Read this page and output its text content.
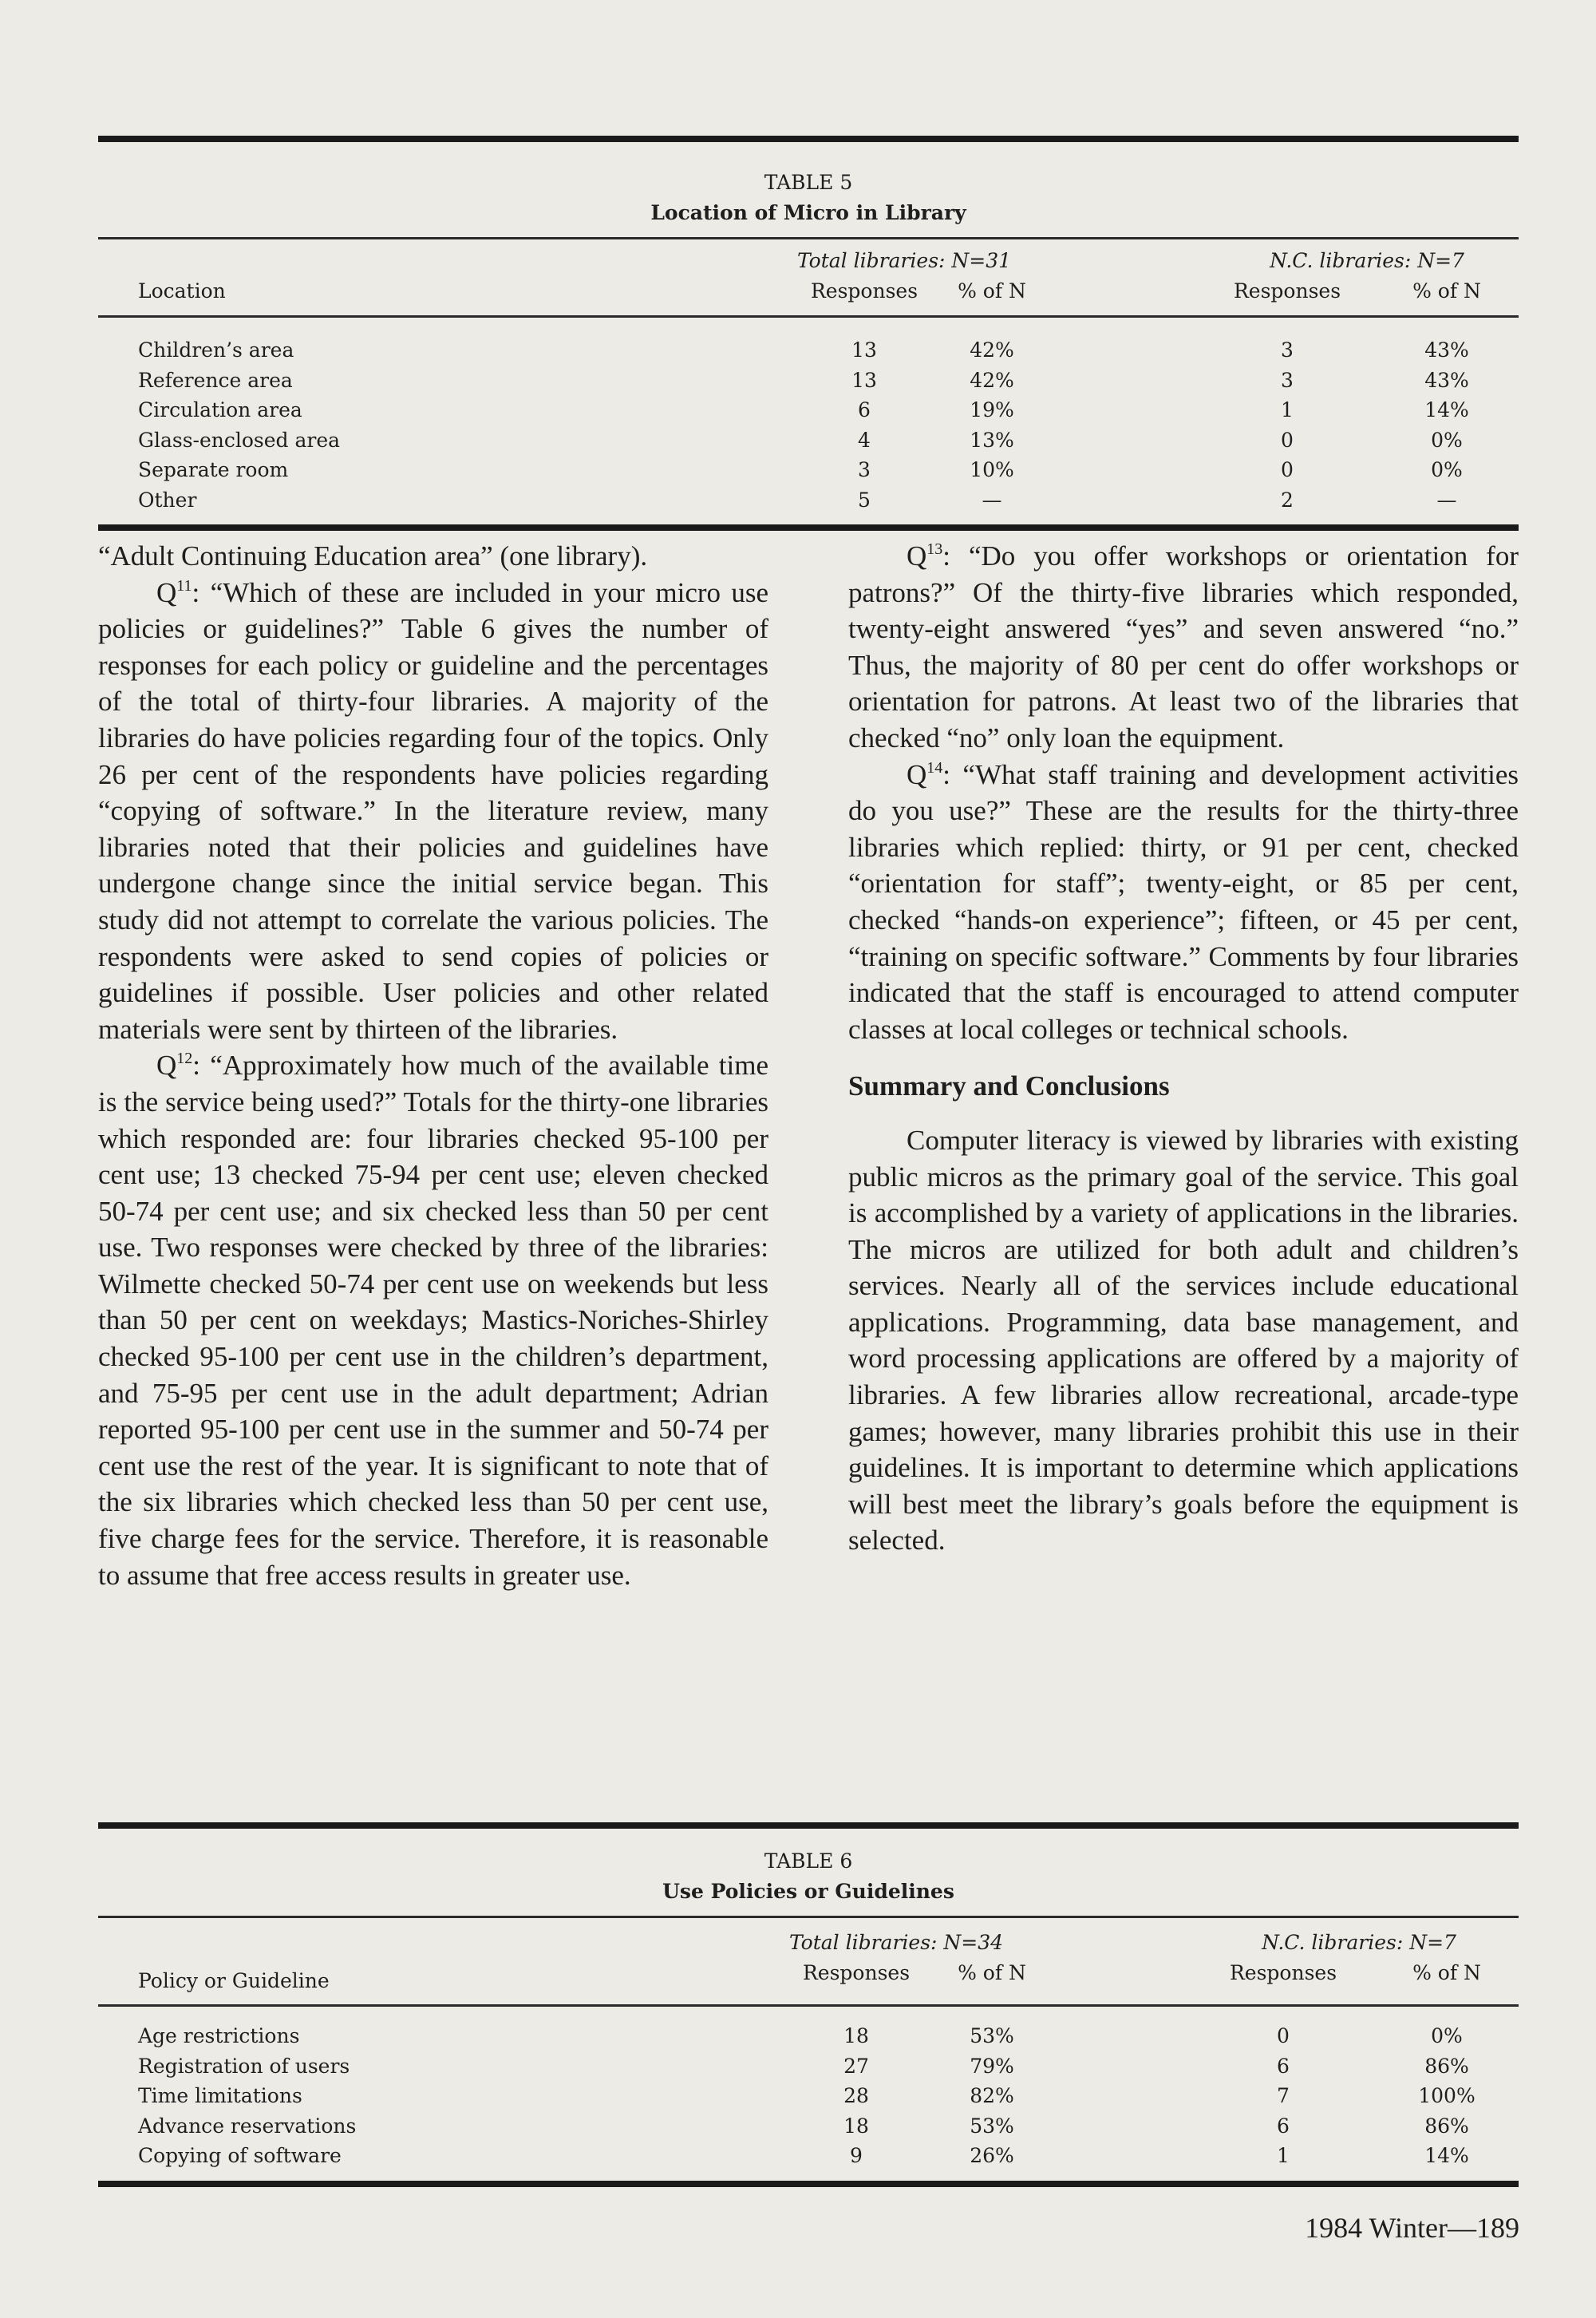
TABLE 5
Location of Micro in Library
Location
Total libraries: N=31	N.C. libraries: N=7
Responses	% of N	Responses	% of N
Children’s area	13	42%	3	43%
Reference area	13	42%	3	43%
Circulation area	6	19%	1	14%
Glass-enclosed area	4	13%	0	0%
Separate room	3	10%	0	0%
Other	5	—	2	—

“Adult Continuing Education area” (one library).

$Q^{11}$: “Which of these are included in your micro use policies or guidelines?” Table 6 gives the number of responses for each policy or guideline and the percentages of the total of thirty-four libraries. A majority of the libraries do have policies regarding four of the topics. Only 26 per cent of the respondents have policies regarding “copying of software.” In the literature review, many libraries noted that their policies and guidelines have undergone change since the initial service began. This study did not attempt to correlate the various policies. The respondents were asked to send copies of policies or guidelines if possible. User policies and other related materials were sent by thirteen of the libraries.

$Q^{12}$: “Approximately how much of the available time is the service being used?” Totals for the thirty-one libraries which responded are: four libraries checked 95-100 per cent use; 13 checked 75-94 per cent use; eleven checked 50-74 per cent use; and six checked less than 50 per cent use. Two responses were checked by three of the libraries: Wilmette checked 50-74 per cent use on weekends but less than 50 per cent on weekdays; Mastics-Noriches-Shirley checked 95-100 per cent use in the children’s department, and 75-95 per cent use in the adult department; Adrian reported 95-100 per cent use in the summer and 50-74 per cent use the rest of the year. It is significant to note that of the six libraries which checked less than 50 per cent use, five charge fees for the service. Therefore, it is reasonable to assume that free access results in greater use.

$Q^{13}$: “Do you offer workshops or orientation for patrons?” Of the thirty-five libraries which responded, twenty-eight answered “yes” and seven answered “no.” Thus, the majority of 80 per cent do offer workshops or orientation for patrons. At least two of the libraries that checked “no” only loan the equipment.

$Q^{14}$: “What staff training and development activities do you use?” These are the results for the thirty-three libraries which replied: thirty, or 91 per cent, checked “orientation for staff”; twenty-eight, or 85 per cent, checked “hands-on experience”; fifteen, or 45 per cent, “training on specific software.” Comments by four libraries indicated that the staff is encouraged to attend computer classes at local colleges or technical schools.

Summary and Conclusions

Computer literacy is viewed by libraries with existing public micros as the primary goal of the service. This goal is accomplished by a variety of applications in the libraries. The micros are utilized for both adult and children’s services. Nearly all of the services include educational applications. Programming, data base management, and word processing applications are offered by a majority of libraries. A few libraries allow recreational, arcade-type games; however, many libraries prohibit this use in their guidelines. It is important to determine which applications will best meet the library’s goals before the equipment is selected.

TABLE 6
Use Policies or Guidelines
Policy or Guideline
Total libraries: N=34	N.C. libraries: N=7
Responses	% of N	Responses	% of N
Age restrictions	18	53%	0	0%
Registration of users	27	79%	6	86%
Time limitations	28	82%	7	100%
Advance reservations	18	53%	6	86%
Copying of software	9	26%	1	14%
1984 Winter—189
